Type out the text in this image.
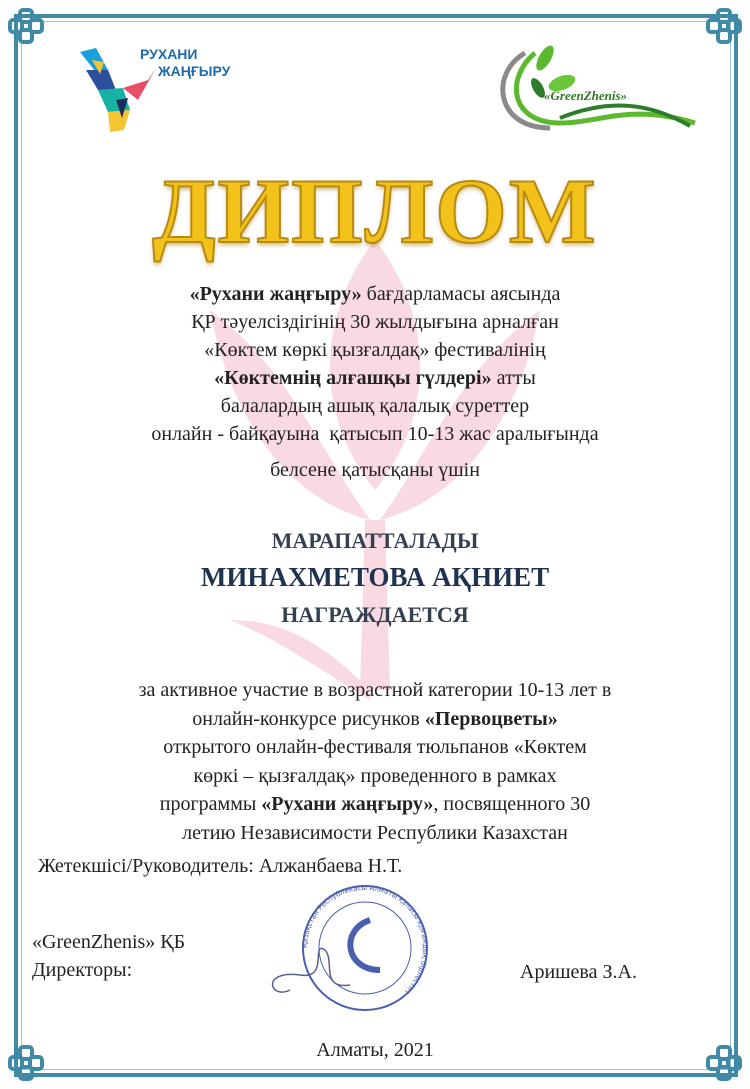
РУХАНИ
ЖАҢҒЫРУ
«GreenZhenis»
ДИПЛОМ
«Рухани жаңғыру» бағдарламасы аясында
ҚР тәуелсіздігінің 30 жылдығына арналған
«Көктем көркі қызғалдақ» фестивалінің
«Көктемнің алғашқы гүлдері» атты
балалардың ашық қалалық суреттер
онлайн - байқауына  қатысып 10-13 жас аралығында
белсене қатысқаны үшін
МАРАПАТТАЛАДЫ
МИНАХМЕТОВА АҚНИЕТ
НАГРАЖДАЕТСЯ
за активное участие в возрастной категории 10-13 лет в
онлайн-конкурсе рисунков «Первоцветы»
открытого онлайн-фестиваля тюльпанов «Көктем
көркі – қызғалдақ» проведенного в рамках
программы «Рухани жаңғыру», посвященного 30
летию Независимости Республики Казахстан
Жетекшісі/Руководитель: Алжанбаева Н.Т.
«GreenZhenis» ҚБ
Директоры:	Аришева З.А.
Қазақстан Республикасы Алматы қаласы Қоғамдық бірлестігі
Алматы, 2021
